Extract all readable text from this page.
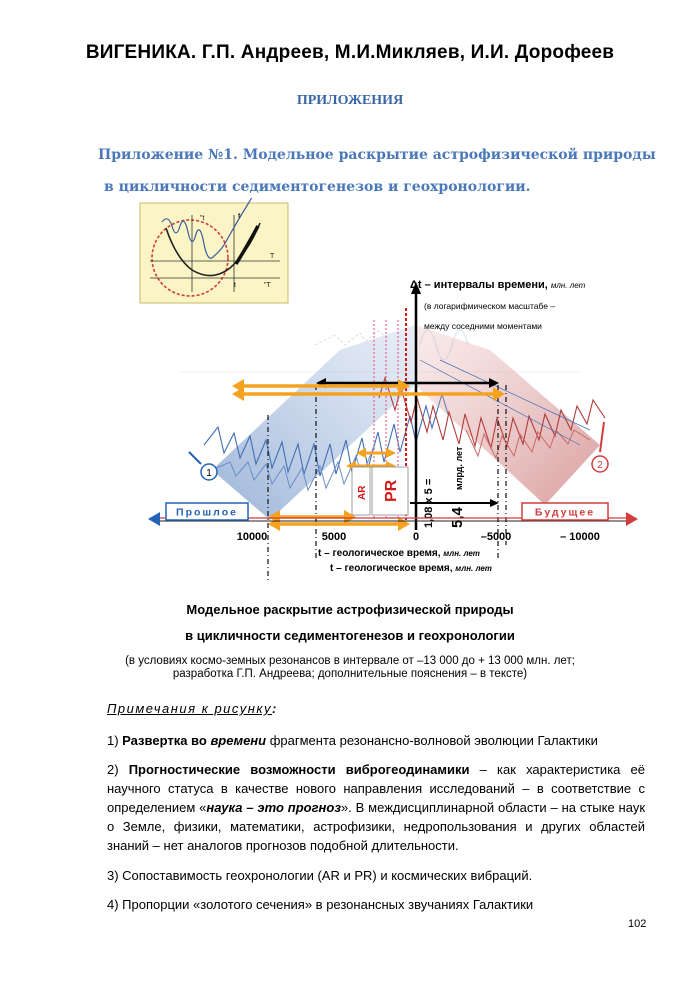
ВИГЕНИКА. Г.П. Андреев, М.И.Микляев, И.И. Дорофеев
ПРИЛОЖЕНИЯ
Приложение №1. Модельное раскрытие астрофизической природы
в цикличности седиментогенезов и геохронологии.
"t	t
T
t	"T	Δt – интервалы времени, млн. лет
(в логарифмическом масштабе –
между соседними моментами
AR PR 1,08 х 5 = 5,4
млрд. лет
Прошлое	Будущее
10000	5000	0	–5000	– 10000
t – геологическое время, млн. лет
t – геологическое время, млн. лет
1
2
Модельное раскрытие астрофизической природы
в цикличности седиментогенезов и геохронологии
(в условиях космо-земных резонансов в интервале от –13 000 до + 13 000 млн. лет;
разработка Г.П. Андреева; дополнительные пояснения – в тексте)
Примечания к рисунку:
1) Развертка во времени фрагмента резонансно-волновой эволюции Галактики
2) Прогностические возможности виброгеодинамики – как характеристика её научного статуса в качестве нового направления исследований – в соответствие с определением «наука – это прогноз». В междисциплинарной области – на стыке наук о Земле, физики, математики, астрофизики, недропользования и других областей знаний – нет аналогов прогнозов подобной длительности.
3) Сопоставимость геохронологии (AR и PR) и космических вибраций.
4) Пропорции «золотого сечения» в резонансных звучаниях Галактики
102
